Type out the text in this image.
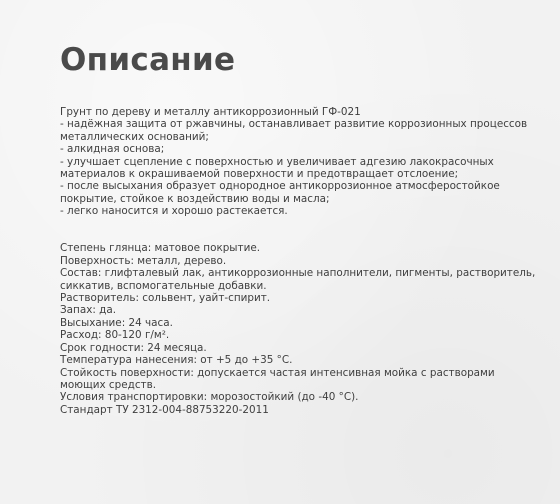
Описание
Грунт по дереву и металлу антикоррозионный ГФ-021
- надёжная защита от ржавчины, останавливает развитие коррозионных процессов
металлических оснований;
- алкидная основа;
- улучшает сцепление с поверхностью и увеличивает адгезию лакокрасочных
материалов к окрашиваемой поверхности и предотвращает отслоение;
- после высыхания образует однородное антикоррозионное атмосферостойкое
покрытие, стойкое к воздействию воды и масла;
- легко наносится и хорошо растекается.
Степень глянца: матовое покрытие.
Поверхность: металл, дерево.
Состав: глифталевый лак, антикоррозионные наполнители, пигменты, растворитель,
сиккатив, вспомогательные добавки.
Растворитель: сольвент, уайт-спирит.
Запах: да.
Высыхание: 24 часа.
Расход: 80-120 г/м².
Срок годности: 24 месяца.
Температура нанесения: от +5 до +35 °С.
Стойкость поверхности: допускается частая интенсивная мойка с растворами
моющих средств.
Условия транспортировки: морозостойкий (до -40 °С).
Стандарт ТУ 2312-004-88753220-2011
